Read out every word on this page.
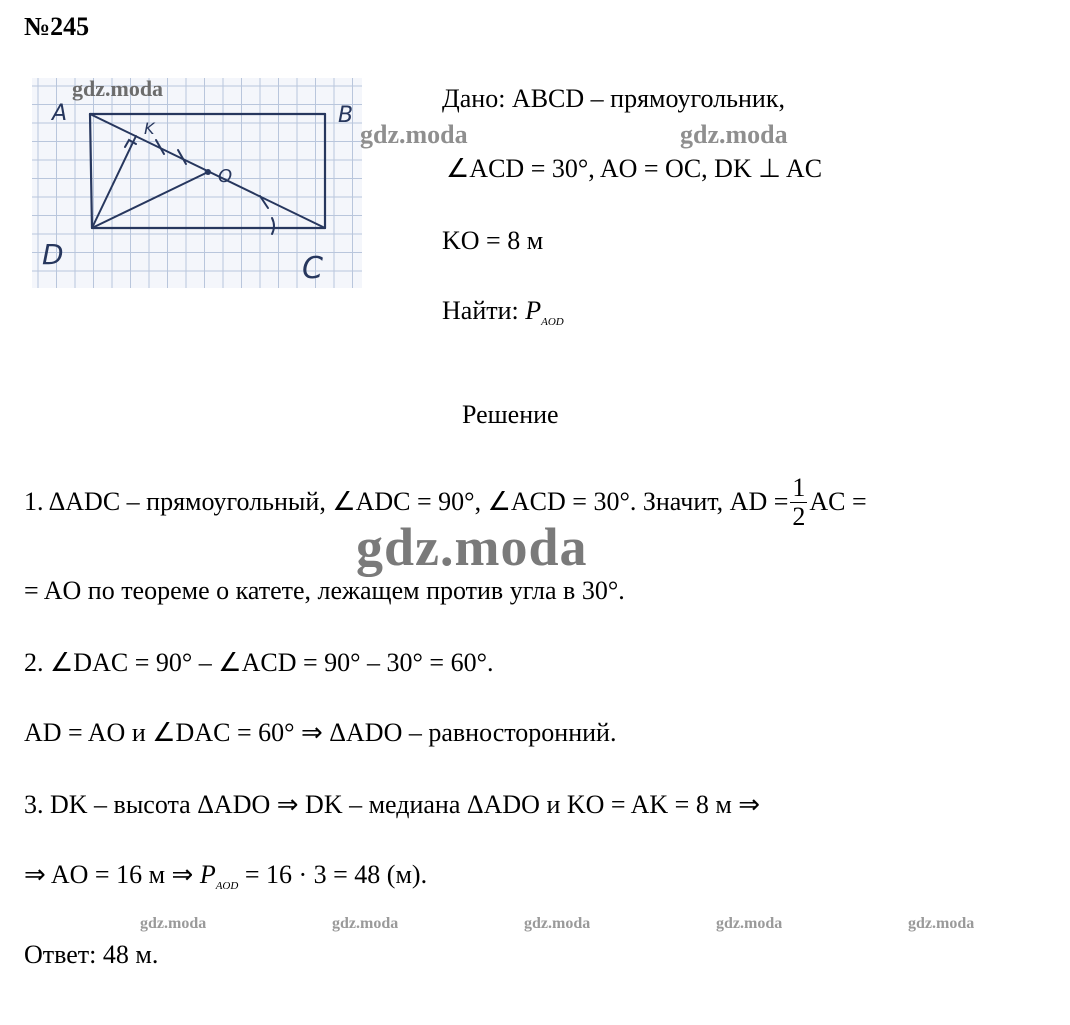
№245
A	B
C
D
O
K
gdz.moda
gdz.moda	gdz.moda
gdz.moda
gdz.moda	gdz.moda	gdz.moda	gdz.moda	gdz.moda
Дано: ABCD – прямоугольник,
∠ACD = 30°, AO = OC, DK ⊥ AC
KO = 8 м
Найти: $P_{AOD}$
Решение
1. ΔADC – прямоугольный, ∠ADC = 90°, ∠ACD = 30°. Значит, AD = $\frac{1}{2}$ AC =
= AO по теореме о катете, лежащем против угла в 30°.
2. ∠DAC = 90° – ∠ACD = 90° – 30° = 60°.
AD = AO и ∠DAC = 60° ⇒ ΔADO – равносторонний.
3. DK – высота ΔADO ⇒ DK – медиана ΔADO и KO = AK = 8 м ⇒
⇒ AO = 16 м ⇒ $P_{AOD} = 16 \cdot 3 = 48$ (м).
Ответ: 48 м.
